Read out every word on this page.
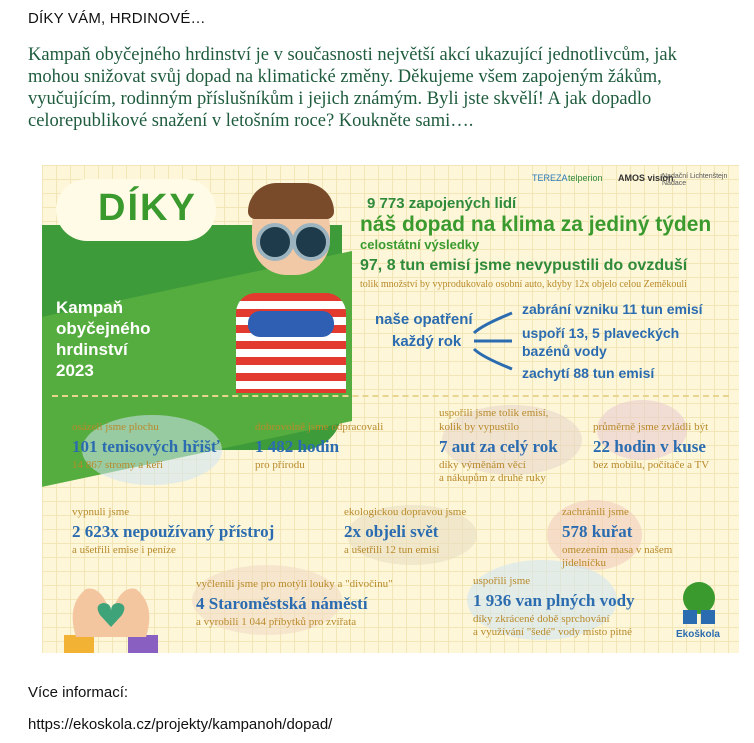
DÍKY VÁM, HRDINOVÉ…
Kampaň obyčejného hrdinství je v současnosti největší akcí ukazující jednotlivcům, jak mohou snižovat svůj dopad na klimatické změny. Děkujeme všem zapojeným žákům, vyučujícím, rodinným příslušníkům i jejich známým. Byli jste skvělí! A jak dopadlo celorepublikové snažení v letošním roce? Koukněte sami….
DÍKY
Kampaň
obyčejného
hrdinství
2023
TEREZA telperion AMOS vision
Nadační Lichtenštejn Nadace
9 773 zapojených lidí
náš dopad na klima za jediný týden
celostátní výsledky
97, 8 tun emisí jsme nevypustili do ovzduší
tolik množství by vyprodukovalo osobní auto, kdyby 12x objelo celou Zeměkouli
naše opatření
každý rok
zabrání vzniku 11 tun emisí
uspoří 13, 5 plaveckých
bazénů vody
zachytí 88 tun emisí
osázeli jsme plochu
101 tenisových hřišť
14 867 stromy a keři
dobrovolně jsme odpracovali
1 482 hodin
pro přírodu
uspořili jsme tolik emisí,
kolik by vypustilo
7 aut za celý rok
díky výměnám věcí
a nákupům z druhé ruky
průměrně jsme zvládli být
22 hodin v kuse
bez mobilu, počítače a TV
vypnuli jsme
2 623x nepoužívaný přístroj
a ušetřili emise i peníze
ekologickou dopravou jsme
2x objeli svět
a ušetřili 12 tun emisí
zachránili jsme
578 kuřat
omezením masa v našem
jídelníčku
vyčlenili jsme pro motýlí louky a "divočinu"
4 Staroměstská náměstí
a vyrobili 1 044 příbytků pro zvířata
uspořili jsme
1 936 van plných vody
díky zkrácené době sprchování
a využívání "šedé" vody místo pitné	Ekoškola
Více informací:
https://ekoskola.cz/projekty/kampanoh/dopad/
